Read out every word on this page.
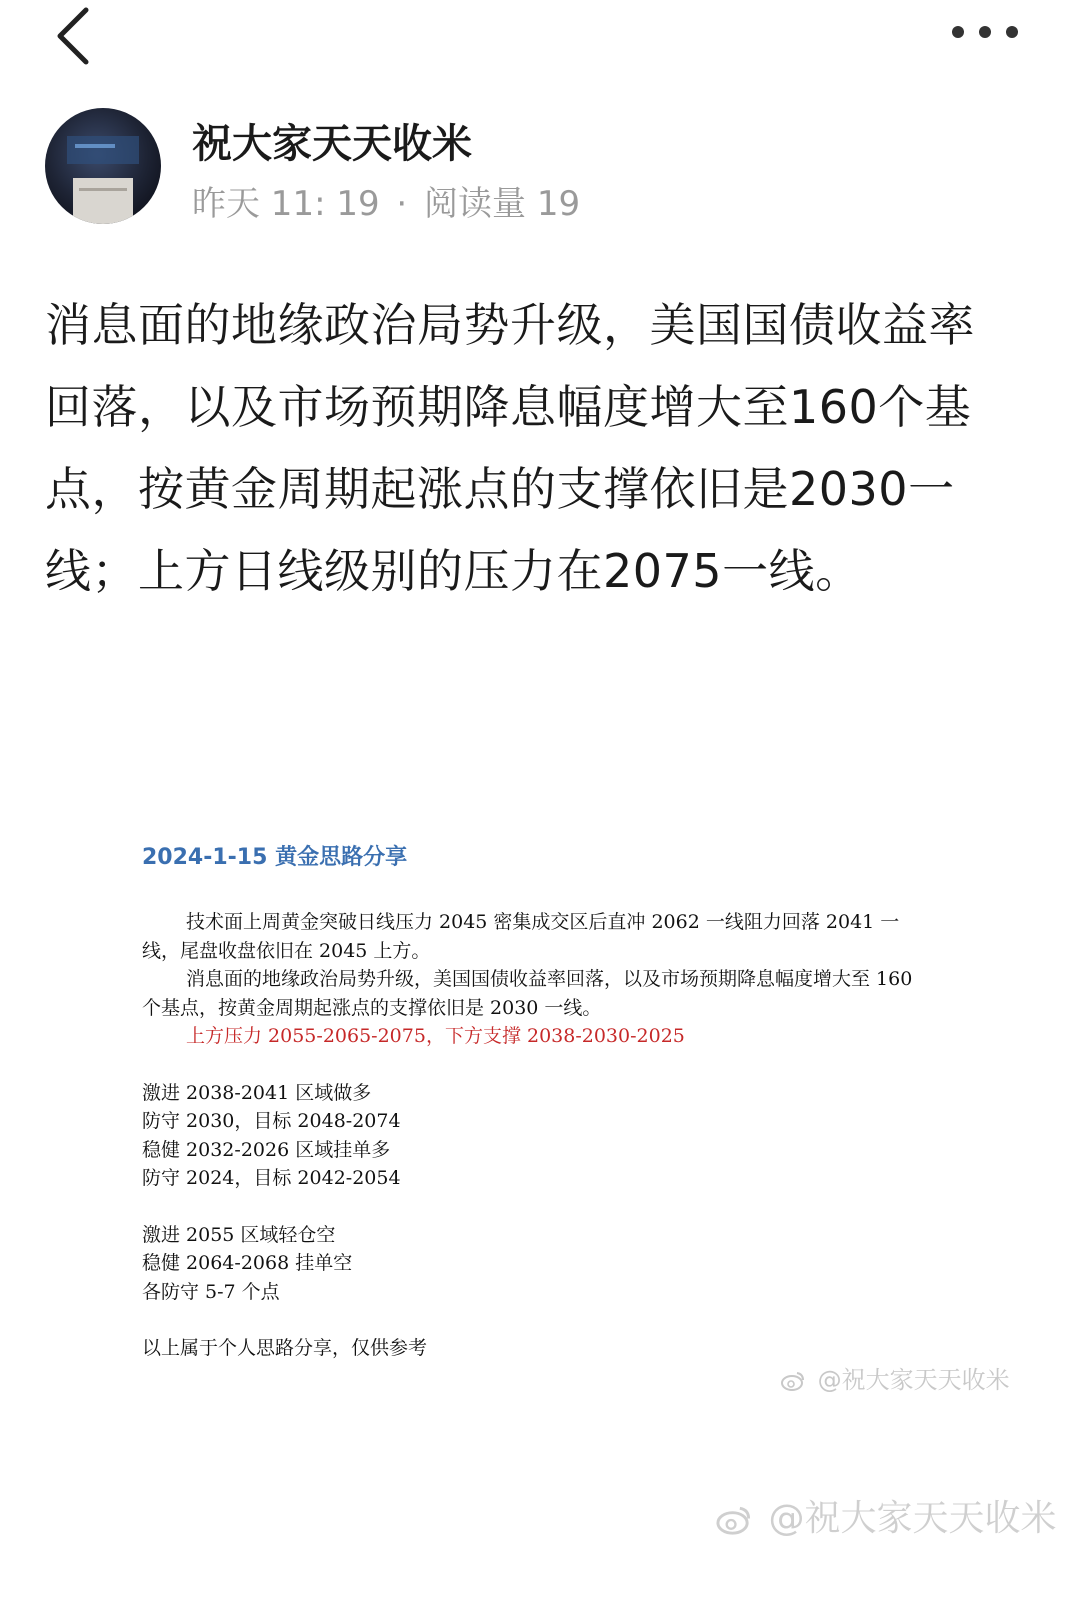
祝大家天天收米
昨天 11: 19 · 阅读量 19

消息面的地缘政治局势升级，美国国债收益率回落，以及市场预期降息幅度增大至160个基点，按黄金周期起涨点的支撑依旧是2030一线；上方日线级别的压力在2075一线。

2024-1-15 黄金思路分享

技术面上周黄金突破日线压力 2045 密集成交区后直冲 2062 一线阻力回落 2041 一线，尾盘收盘依旧在 2045 上方。

消息面的地缘政治局势升级，美国国债收益率回落，以及市场预期降息幅度增大至 160 个基点，按黄金周期起涨点的支撑依旧是 2030 一线。

上方压力 2055-2065-2075，下方支撑 2038-2030-2025

激进 2038-2041 区域做多

防守 2030，目标 2048-2074

稳健 2032-2026 区域挂单多

防守 2024，目标 2042-2054

激进 2055 区域轻仓空

稳健 2064-2068 挂单空

各防守 5-7 个点

以上属于个人思路分享，仅供参考

@祝大家天天收米
@祝大家天天收米
